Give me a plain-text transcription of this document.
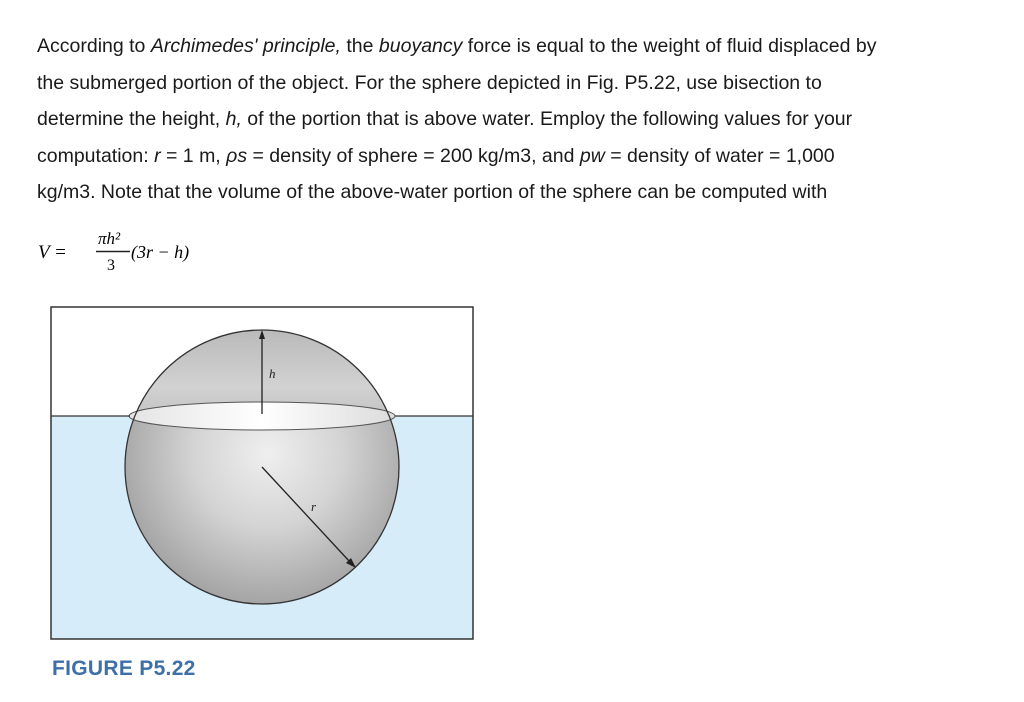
According to Archimedes' principle, the buoyancy force is equal to the weight of fluid displaced by
the submerged portion of the object. For the sphere depicted in Fig. P5.22, use bisection to
determine the height, h, of the portion that is above water. Employ the following values for your
computation: r = 1 m, ρs = density of sphere = 200 kg/m3, and pw = density of water = 1,000
kg/m3. Note that the volume of the above-water portion of the sphere can be computed with
V =
πh²
3
(3r − h)
h
r
FIGURE P5.22
